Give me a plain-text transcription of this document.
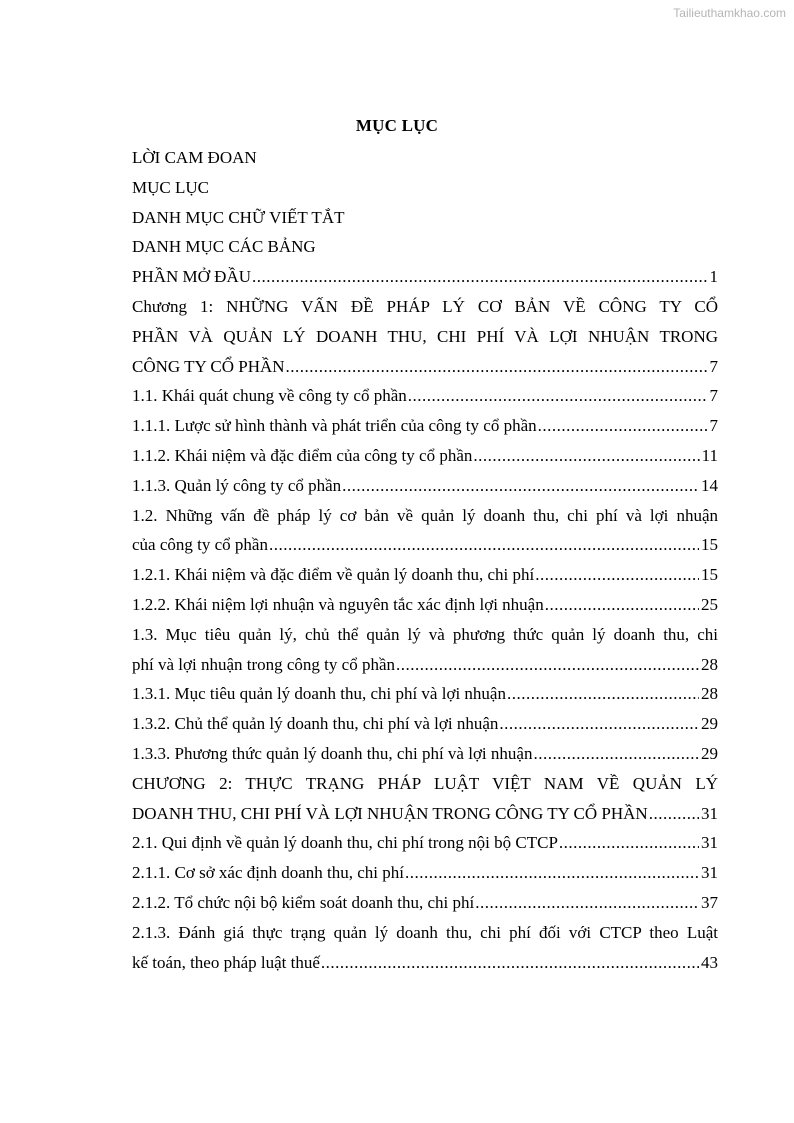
Tailieuthamkhao.com
MỤC LỤC
LỜI CAM ĐOAN
MỤC LỤC
DANH MỤC CHỮ VIẾT TẮT
DANH MỤC CÁC BẢNG
PHẦN MỞ ĐẦU .....	1
Chương 1: NHỮNG VẤN ĐỀ PHÁP LÝ CƠ BẢN VỀ CÔNG TY CỔ
PHẦN VÀ QUẢN LÝ DOANH THU, CHI PHÍ VÀ LỢI NHUẬN TRONG
CÔNG TY CỔ PHẦN .....	7
1.1. Khái quát chung về công ty cổ phần .....	7
1.1.1. Lược sử hình thành và phát triển của công ty cổ phần .....	7
1.1.2. Khái niệm và đặc điểm của công ty cổ phần .....	11
1.1.3. Quản lý công ty cổ phần .....	14
1.2. Những vấn đề pháp lý cơ bản về quản lý doanh thu, chi phí và lợi nhuận
của công ty cổ phần .....	15
1.2.1. Khái niệm và đặc điểm về quản lý doanh thu, chi phí .....	15
1.2.2. Khái niệm lợi nhuận và nguyên tắc xác định lợi nhuận .....	25
1.3. Mục tiêu quản lý, chủ thể quản lý và phương thức quản lý doanh thu, chi
phí và lợi nhuận trong công ty cổ phần .....	28
1.3.1. Mục tiêu quản lý doanh thu, chi phí và lợi nhuận .....	28
1.3.2. Chủ thể quản lý doanh thu, chi phí và lợi nhuận .....	29
1.3.3. Phương thức quản lý doanh thu, chi phí và lợi nhuận .....	29
CHƯƠNG 2: THỰC TRẠNG PHÁP LUẬT VIỆT NAM VỀ QUẢN LÝ
DOANH THU, CHI PHÍ VÀ LỢI NHUẬN TRONG CÔNG TY CỔ PHẦN .....	31
2.1. Qui định về quản lý doanh thu, chi phí trong nội bộ CTCP .....	31
2.1.1. Cơ sở xác định doanh thu, chi phí .....	31
2.1.2. Tổ chức nội bộ kiểm soát doanh thu, chi phí .....	37
2.1.3. Đánh giá thực trạng quản lý doanh thu, chi phí đối với CTCP theo Luật
kế toán, theo pháp luật thuế .....	43
